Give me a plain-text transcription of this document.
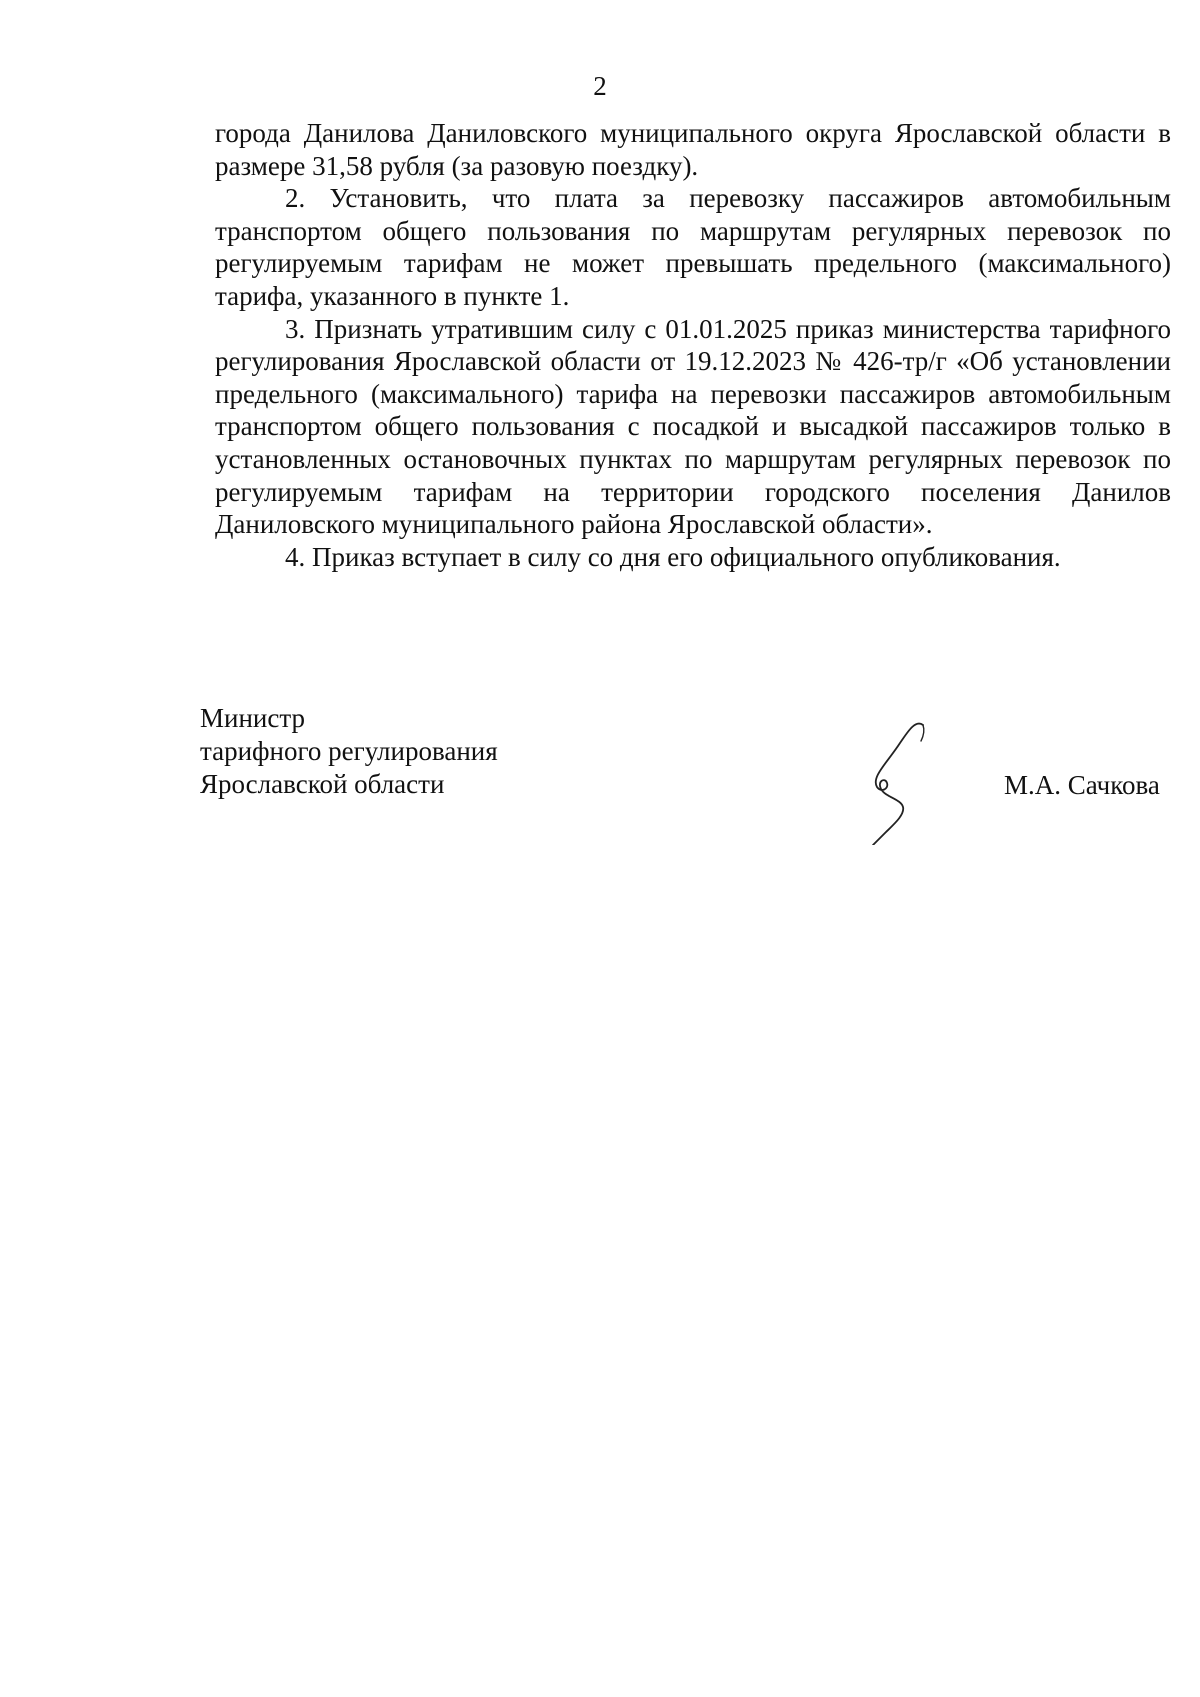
2

города Данилова Даниловского муниципального округа Ярославской области в размере 31,58 рубля (за разовую поездку).

2. Установить, что плата за перевозку пассажиров автомобильным транспортом общего пользования по маршрутам регулярных перевозок по регулируемым тарифам не может превышать предельного (максимального) тарифа, указанного в пункте 1.

3. Признать утратившим силу с 01.01.2025 приказ министерства тарифного регулирования Ярославской области от 19.12.2023 № 426-тр/г «Об установлении предельного (максимального) тарифа на перевозки пассажиров автомобильным транспортом общего пользования с посадкой и высадкой пассажиров только в установленных остановочных пунктах по маршрутам регулярных перевозок по регулируемым тарифам на территории городского поселения Данилов Даниловского муниципального района Ярославской области».

4. Приказ вступает в силу со дня его официального опубликования.

Министр
тарифного регулирования
Ярославской области	М.А. Сачкова
